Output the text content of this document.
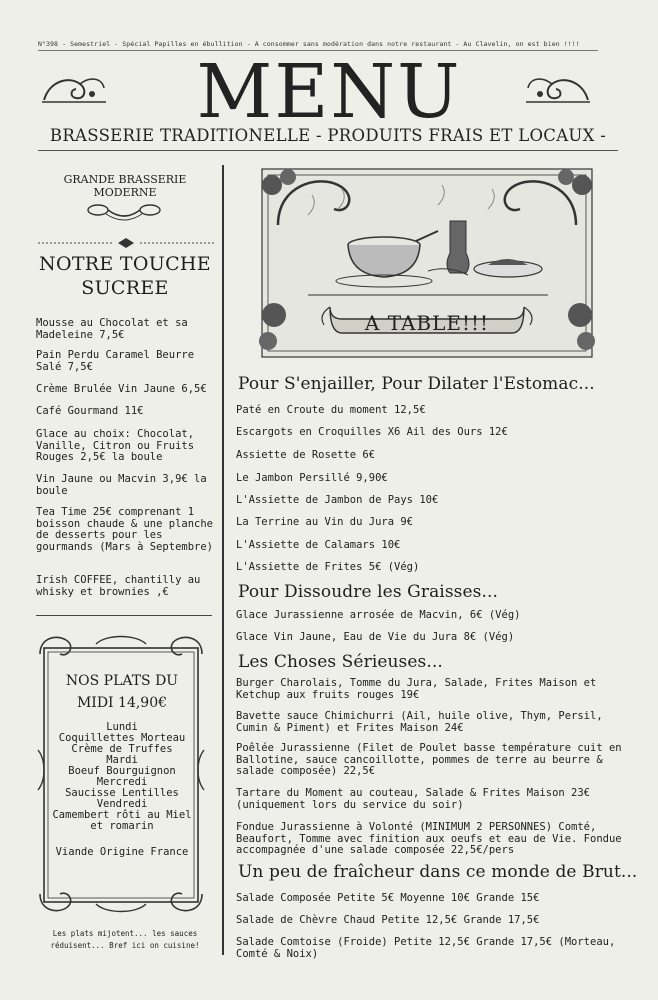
N°398 - Semestriel - Spécial Papilles en ébullition - A consommer sans modération dans notre restaurant - Au Clavelin, on est bien !!!!
MENU
BRASSERIE TRADITIONELLE - PRODUITS FRAIS ET LOCAUX -
GRANDE BRASSERIE
MODERNE
NOTRE TOUCHE
SUCREE
Mousse au Chocolat et sa Madeleine 7,5€
Pain Perdu Caramel Beurre Salé 7,5€
Crème Brulée Vin Jaune 6,5€
Café Gourmand 11€
Glace au choix: Chocolat, Vanille, Citron ou Fruits Rouges 2,5€ la boule
Vin Jaune ou Macvin 3,9€ la boule
Tea Time 25€ comprenant 1 boisson chaude & une planche de desserts pour les gourmands (Mars à Septembre)
Irish COFFEE, chantilly au whisky et brownies ,€
NOS PLATS DU
MIDI 14,90€
Lundi
Coquillettes Morteau
Crème de Truffes
Mardi
Boeuf Bourguignon
Mercredi
Saucisse Lentilles
Vendredi
Camembert rôti au Miel
et romarin
Viande Origine France
Les plats mijotent... les sauces
réduisent... Bref ici on cuisine!
A TABLE!!!
Pour S'enjailler, Pour Dilater l'Estomac...
Paté en Croute du moment 12,5€
Escargots en Croquilles X6 Ail des Ours 12€
Assiette de Rosette 6€
Le Jambon Persillé 9,90€
L'Assiette de Jambon de Pays 10€
La Terrine au Vin du Jura 9€
L'Assiette de Calamars 10€
L'Assiette de Frites 5€ (Vég)
Pour Dissoudre les Graisses...
Glace Jurassienne arrosée de Macvin, 6€ (Vég)
Glace Vin Jaune, Eau de Vie du Jura 8€ (Vég)
Les Choses Sérieuses...
Burger Charolais, Tomme du Jura, Salade, Frites Maison et Ketchup aux fruits rouges 19€
Bavette sauce Chimichurri (Ail, huile olive, Thym, Persil, Cumin & Piment) et Frites Maison 24€
Poêlée Jurassienne (Filet de Poulet basse température cuit en Ballotine, sauce cancoillotte, pommes de terre au beurre & salade composée) 22,5€
Tartare du Moment au couteau, Salade & Frites Maison 23€ (uniquement lors du service du soir)
Fondue Jurassienne à Volonté (MINIMUM 2 PERSONNES) Comté, Beaufort, Tomme avec finition aux oeufs et eau de Vie. Fondue accompagnée d'une salade composée 22,5€/pers
Un peu de fraîcheur dans ce monde de Brut...
Salade Composée Petite 5€ Moyenne 10€ Grande 15€
Salade de Chèvre Chaud Petite 12,5€ Grande 17,5€
Salade Comtoise (Froide) Petite 12,5€ Grande 17,5€ (Morteau, Comté & Noix)
